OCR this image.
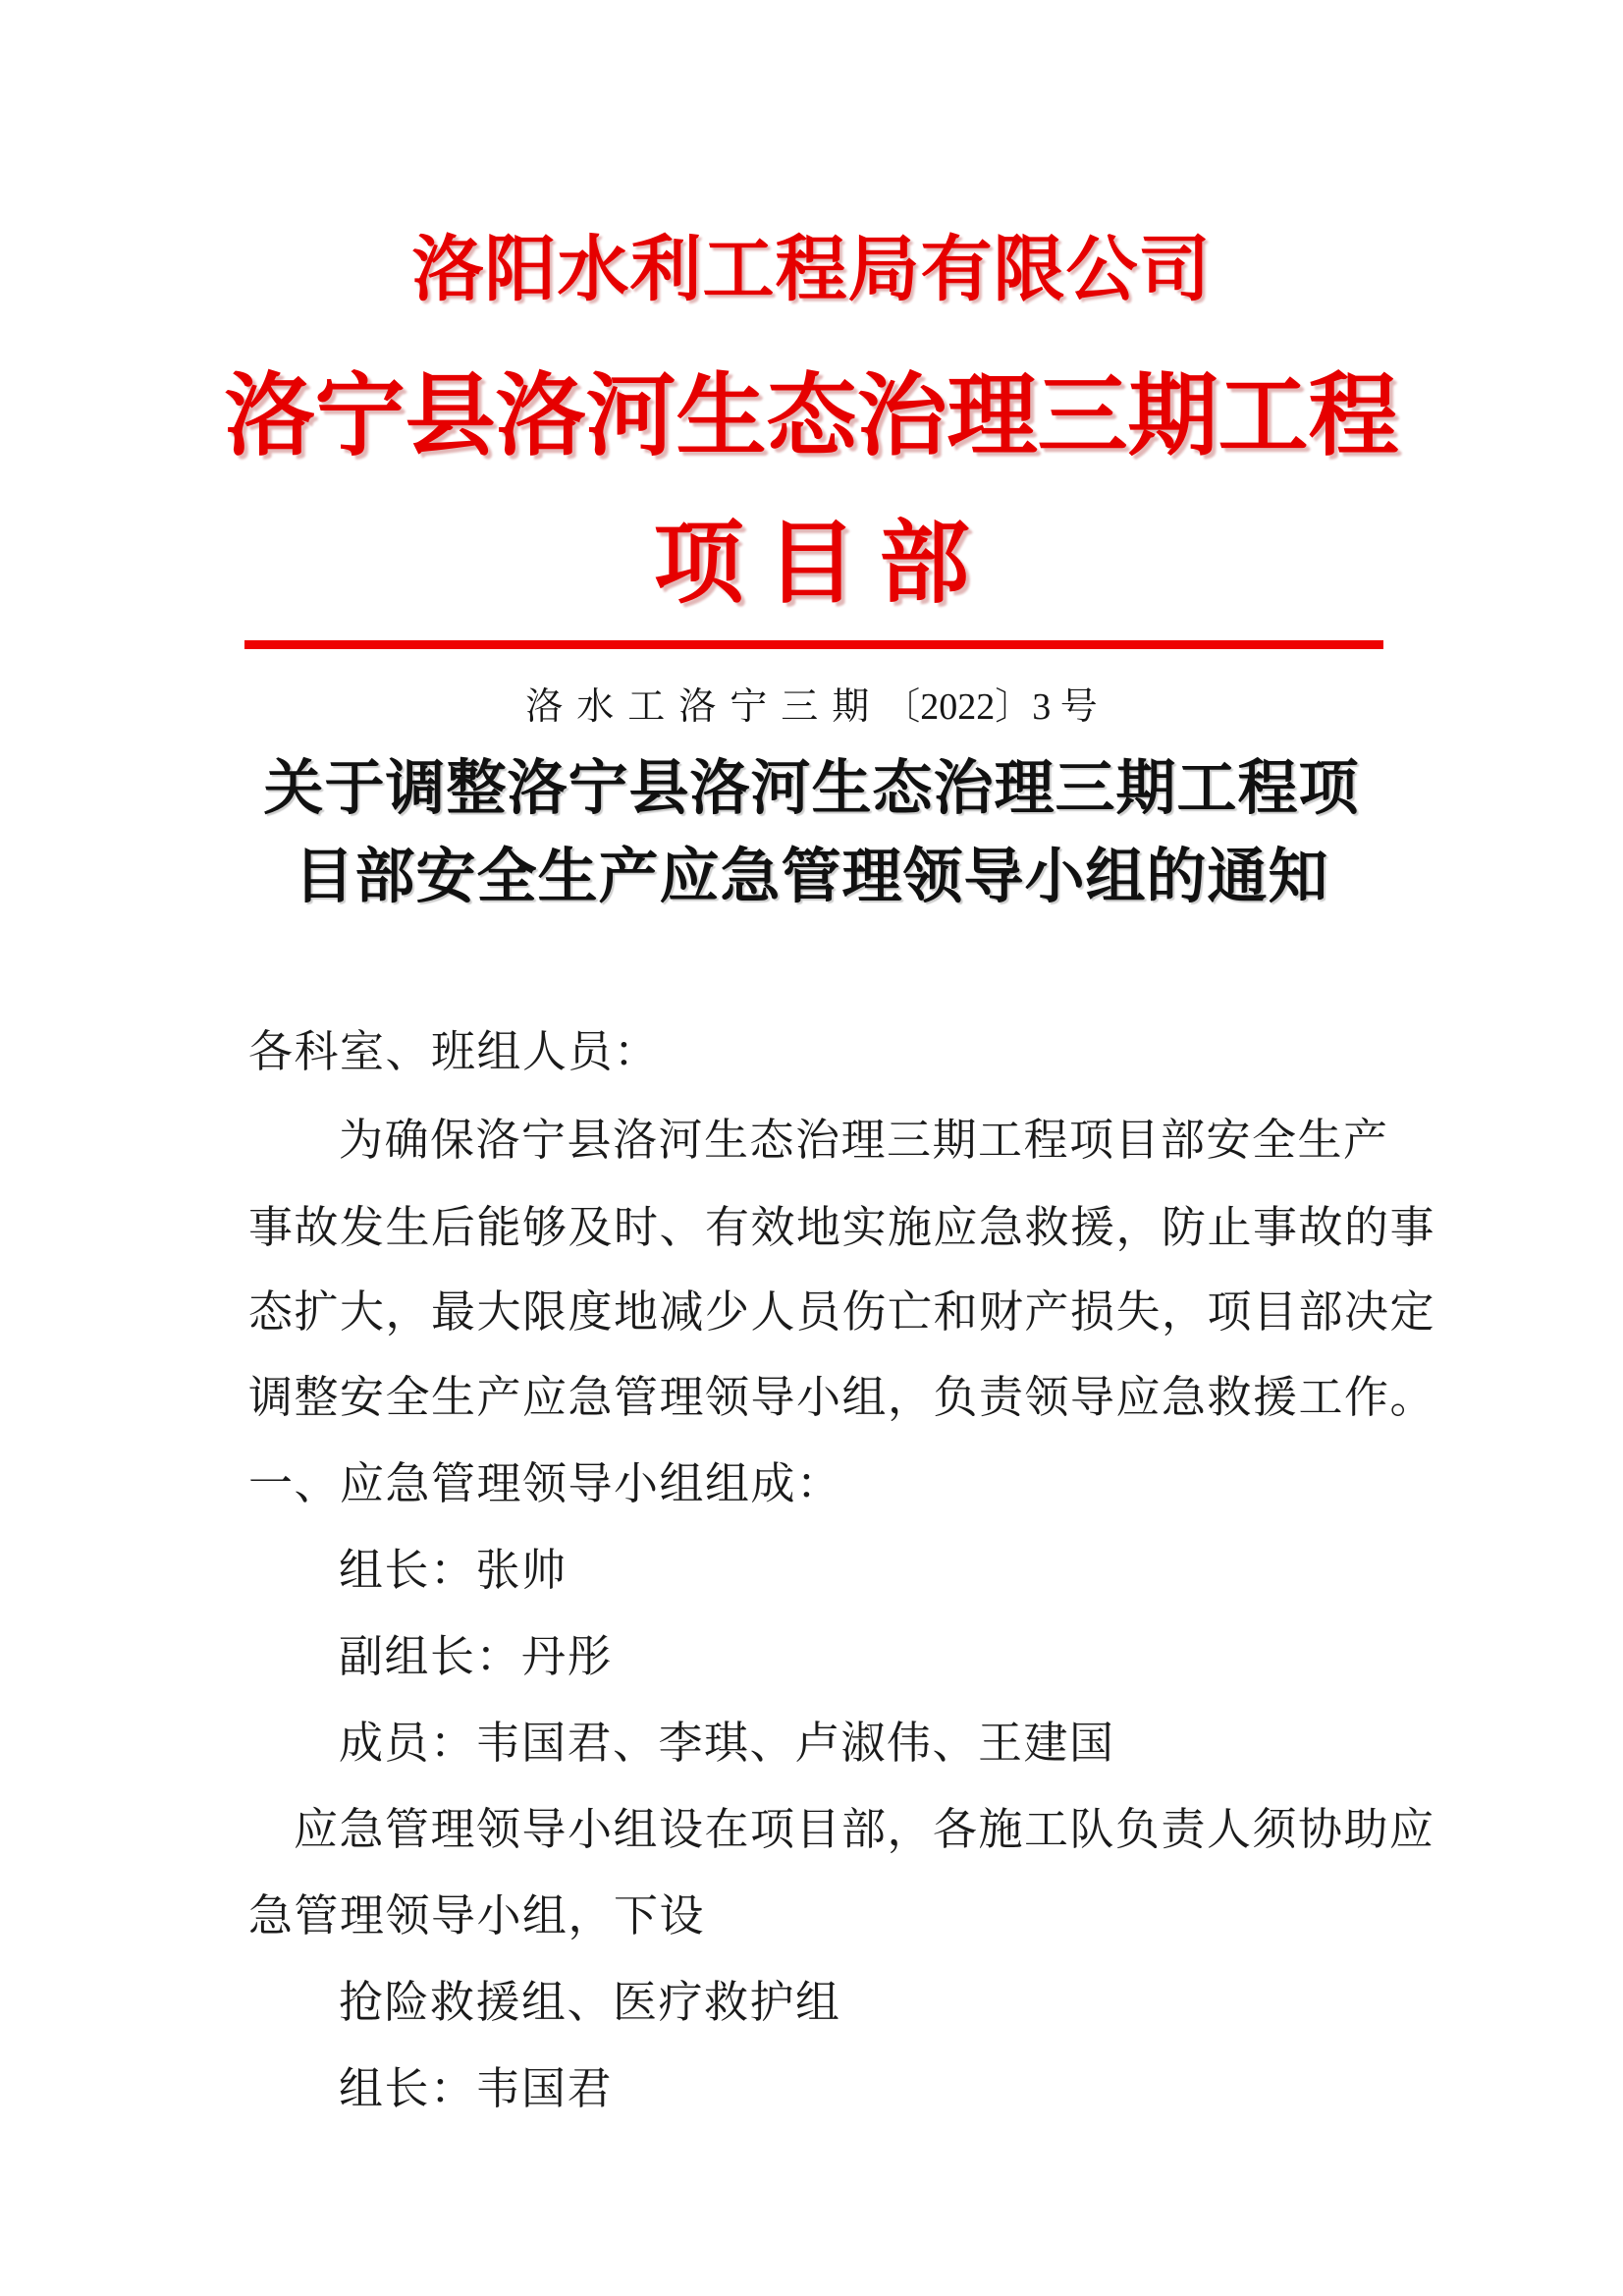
洛阳水利工程局有限公司
洛宁县洛河生态治理三期工程
项 目 部
洛水工洛宁三期〔2022〕3 号
关于调整洛宁县洛河生态治理三期工程项
目部安全生产应急管理领导小组的通知
各科室、班组人员：
为确保洛宁县洛河生态治理三期工程项目部安全生产
事故发生后能够及时、有效地实施应急救援，防止事故的事
态扩大，最大限度地减少人员伤亡和财产损失，项目部决定
调整安全生产应急管理领导小组，负责领导应急救援工作。
一、应急管理领导小组组成：
组长：张帅
副组长：丹彤
成员：韦国君、李琪、卢淑伟、王建国
应急管理领导小组设在项目部，各施工队负责人须协助应
急管理领导小组，下设
抢险救援组、医疗救护组
组长：韦国君
